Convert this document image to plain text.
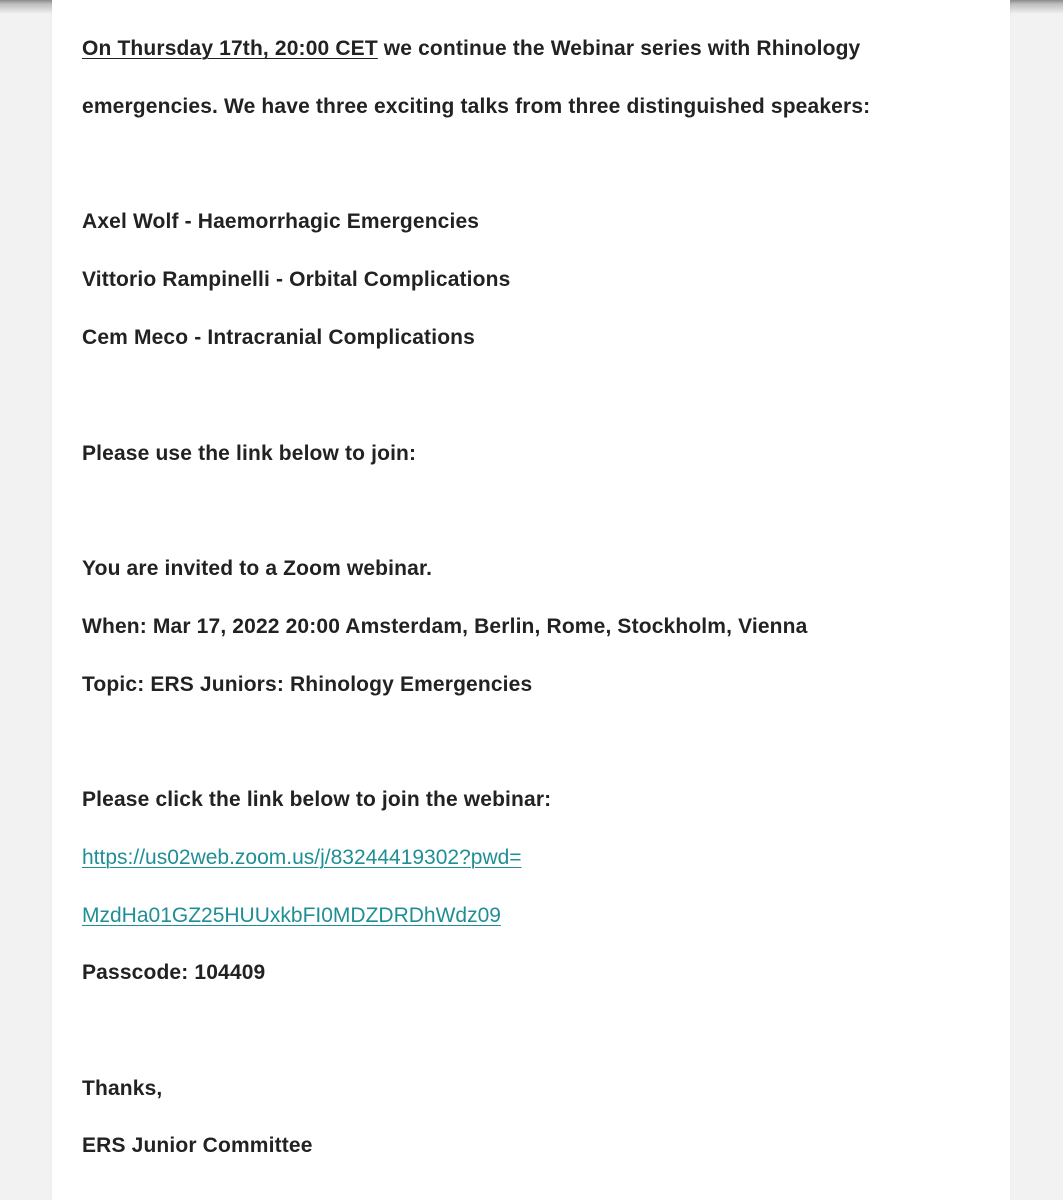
On Thursday 17th, 20:00 CET we continue the Webinar series with Rhinology

emergencies. We have three exciting talks from three distinguished speakers:

Axel Wolf - Haemorrhagic Emergencies

Vittorio Rampinelli - Orbital Complications

Cem Meco - Intracranial Complications

Please use the link below to join:

You are invited to a Zoom webinar.

When: Mar 17, 2022 20:00 Amsterdam, Berlin, Rome, Stockholm, Vienna

Topic: ERS Juniors: Rhinology Emergencies

Please click the link below to join the webinar:

https://us02web.zoom.us/j/83244419302?pwd=
MzdHa01GZ25HUUxkbFI0MDZDRDhWdz09

Passcode: 104409

Thanks,

ERS Junior Committee
